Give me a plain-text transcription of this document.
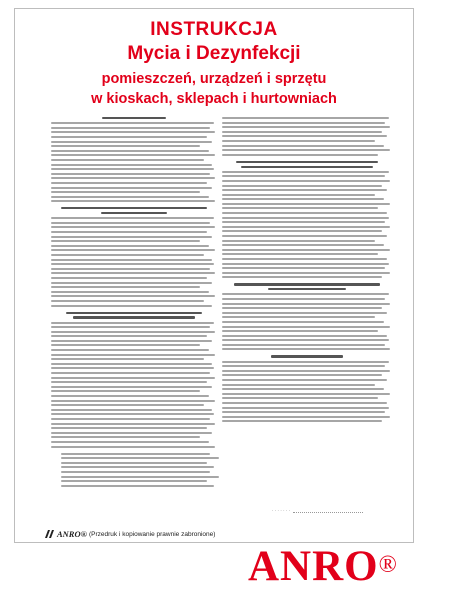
INSTRUKCJA
Mycia i Dezynfekcji
pomieszczeń, urządzeń i sprzętu
w kioskach, sklepach i hurtowniach
. . . . . . .
ANRO® (Przedruk i kopiowanie prawnie zabronione)
ANRO®
